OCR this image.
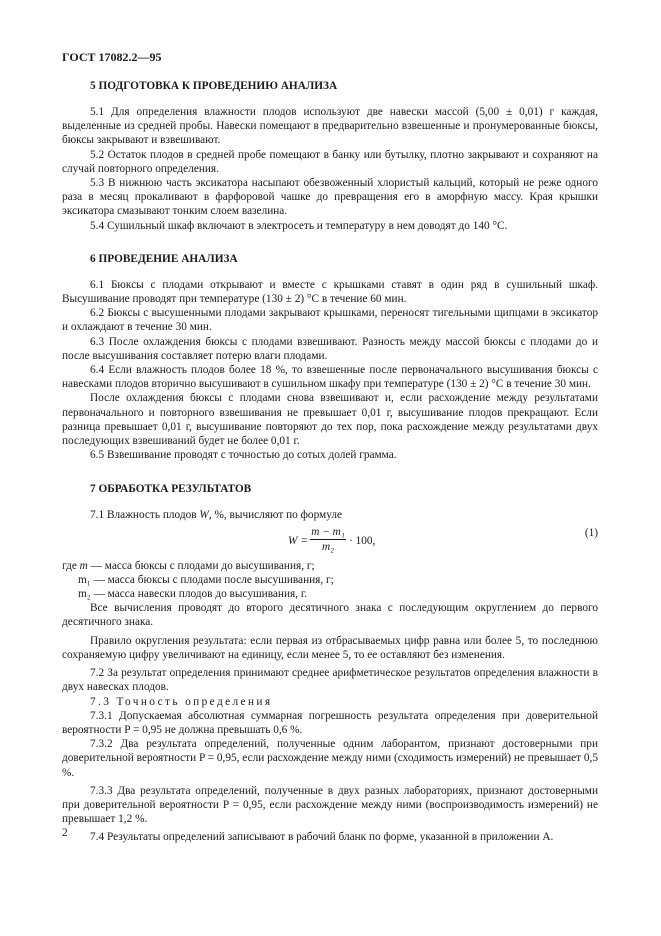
ГОСТ 17082.2—95
5 ПОДГОТОВКА К ПРОВЕДЕНИЮ АНАЛИЗА

5.1 Для определения влажности плодов используют две навески массой (5,00 ± 0,01) г каждая, выделенные из средней пробы. Навески помещают в предварительно взвешенные и пронумерованные бюксы, бюксы закрывают и взвешивают.

5.2 Остаток плодов в средней пробе помещают в банку или бутылку, плотно закрывают и сохраняют на случай повторного определения.

5.3 В нижнюю часть эксикатора насыпают обезвоженный хлористый кальций, который не реже одного раза в месяц прокаливают в фарфоровой чашке до превращения его в аморфную массу. Края крышки эксикатора смазывают тонким слоем вазелина.

5.4 Сушильный шкаф включают в электросеть и температуру в нем доводят до 140 °С.

6 ПРОВЕДЕНИЕ АНАЛИЗА

6.1 Бюксы с плодами открывают и вместе с крышками ставят в один ряд в сушильный шкаф. Высушивание проводят при температуре (130 ± 2) °С в течение 60 мин.

6.2 Бюксы с высушенными плодами закрывают крышками, переносят тигельными щипцами в эксикатор и охлаждают в течение 30 мин.

6.3 После охлаждения бюксы с плодами взвешивают. Разность между массой бюксы с плодами до и после высушивания составляет потерю влаги плодами.

6.4 Если влажность плодов более 18 %, то взвешенные после первоначального высушивания бюксы с навесками плодов вторично высушивают в сушильном шкафу при температуре (130 ± 2) °С в течение 30 мин.

После охлаждения бюксы с плодами снова взвешивают и, если расхождение между результатами первоначального и повторного взвешивания не превышает 0,01 г, высушивание плодов прекращают. Если разница превышает 0,01 г, высушивание повторяют до тех пор, пока расхождение между результатами двух последующих взвешиваний будет не более 0,01 г.

6.5 Взвешивание проводят с точностью до сотых долей грамма.

7 ОБРАБОТКА РЕЗУЛЬТАТОВ

7.1 Влажность плодов W, %, вычисляют по формуле

$W = \frac{\text{m − m₁}}{\text{m₂}} \cdot 100$,
(1)

где m — масса бюксы с плодами до высушивания, г;

m₁ — масса бюксы с плодами после высушивания, г;

m₂ — масса навески плодов до высушивания, г.

Все вычисления проводят до второго десятичного знака с последующим округлением до первого десятичного знака.

Правило округления результата: если первая из отбрасываемых цифр равна или более 5, то последнюю сохраняемую цифру увеличивают на единицу, если менее 5, то ее оставляют без изменения.

7.2 За результат определения принимают среднее арифметическое результатов определения влажности в двух навесках плодов.

7.3 Точность определения

7.3.1 Допускаемая абсолютная суммарная погрешность результата определения при доверительной вероятности P = 0,95 не должна превышать 0,6 %.

7.3.2 Два результата определений, полученные одним лаборантом, признают достоверными при доверительной вероятности P = 0,95, если расхождение между ними (сходимость измерений) не превышает 0,5 %.

7.3.3 Два результата определений, полученные в двух разных лабораториях, признают достоверными при доверительной вероятности P = 0,95, если расхождение между ними (воспроизводимость измерений) не превышает 1,2 %.

7.4 Результаты определений записывают в рабочий бланк по форме, указанной в приложении А.

2
